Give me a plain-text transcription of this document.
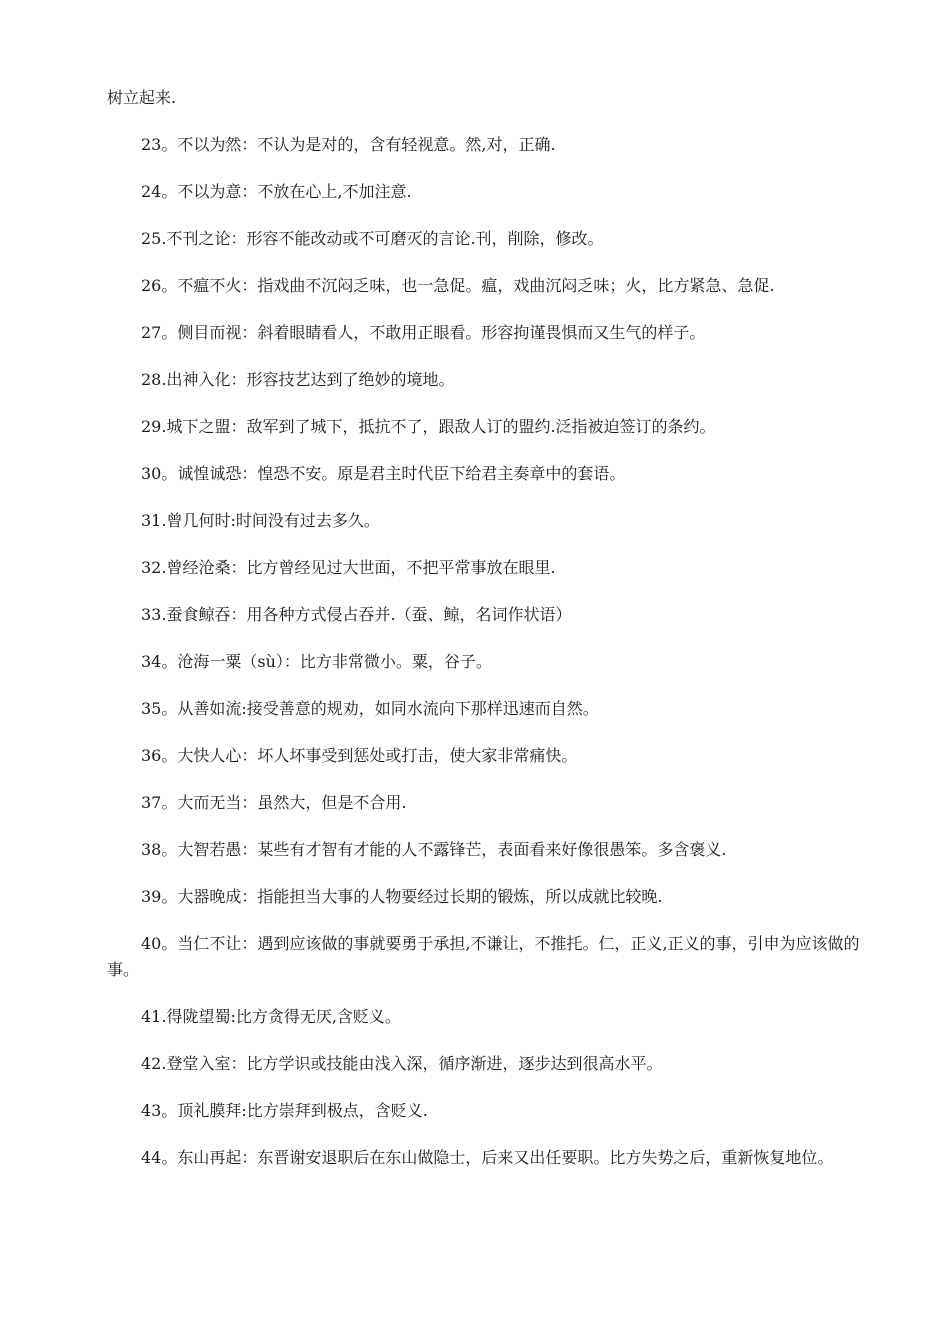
树立起来.

23。不以为然：不认为是对的，含有轻视意。然,对，正确.

24。不以为意：不放在心上,不加注意.

25.不刊之论：形容不能改动或不可磨灭的言论.刊，削除，修改。

26。不瘟不火：指戏曲不沉闷乏味，也一急促。瘟，戏曲沉闷乏味；火，比方紧急、急促.

27。侧目而视：斜着眼睛看人，不敢用正眼看。形容拘谨畏惧而又生气的样子。

28.出神入化：形容技艺达到了绝妙的境地。

29.城下之盟：敌军到了城下，抵抗不了，跟敌人订的盟约.泛指被迫签订的条约。

30。诚惶诚恐：惶恐不安。原是君主时代臣下给君主奏章中的套语。

31.曾几何时:时间没有过去多久。

32.曾经沧桑：比方曾经见过大世面，不把平常事放在眼里.

33.蚕食鲸吞：用各种方式侵占吞并.（蚕、鲸，名词作状语）

34。沧海一粟（sù）：比方非常微小。粟，谷子。

35。从善如流:接受善意的规劝，如同水流向下那样迅速而自然。

36。大快人心：坏人坏事受到惩处或打击，使大家非常痛快。

37。大而无当：虽然大，但是不合用.

38。大智若愚：某些有才智有才能的人不露锋芒，表面看来好像很愚笨。多含褒义.

39。大器晚成：指能担当大事的人物要经过长期的锻炼，所以成就比较晚.

40。当仁不让：遇到应该做的事就要勇于承担,不谦让，不推托。仁，正义,正义的事，引申为应该做的事。

41.得陇望蜀:比方贪得无厌,含贬义。

42.登堂入室：比方学识或技能由浅入深，循序渐进，逐步达到很高水平。

43。顶礼膜拜:比方崇拜到极点，含贬义.

44。东山再起：东晋谢安退职后在东山做隐士，后来又出任要职。比方失势之后，重新恢复地位。
